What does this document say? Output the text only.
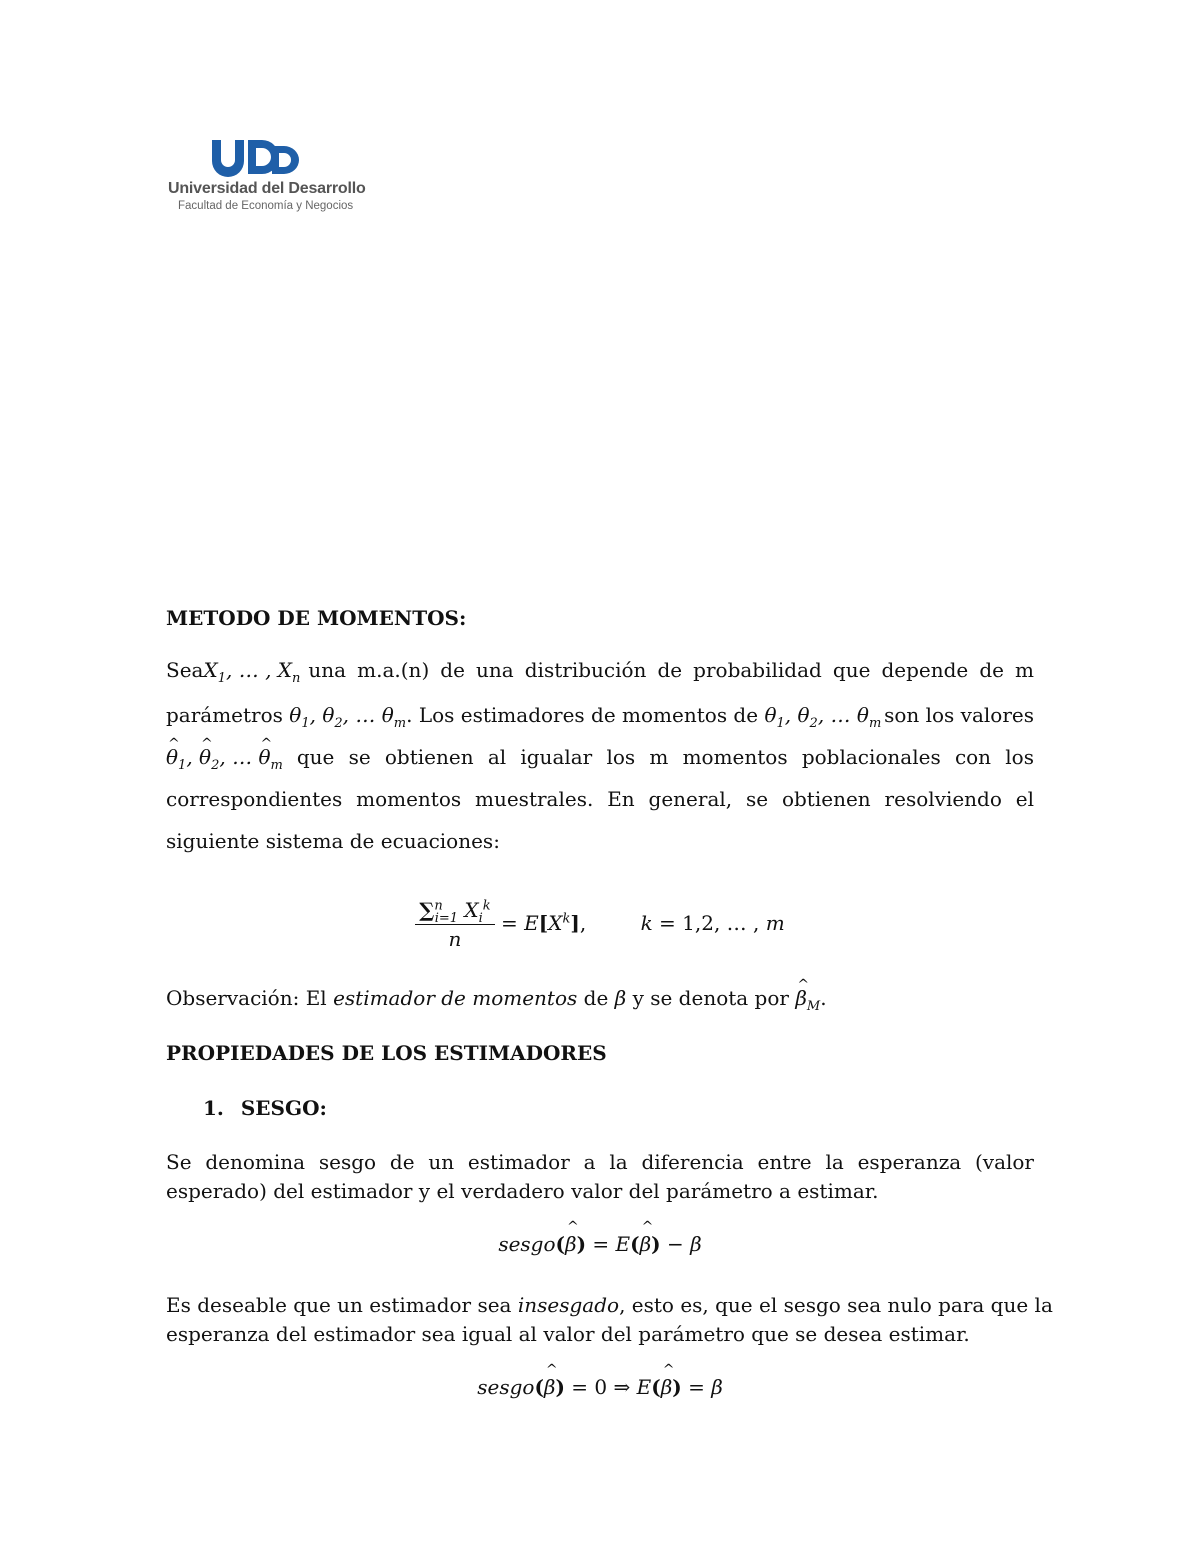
Universidad del Desarrollo
Facultad de Economía y Negocios
METODO DE MOMENTOS:
Sea $X_1$, … , $X_n$ una m.a.(n) de una distribución de probabilidad que depende de m
parámetros $\theta_1$, $\theta_2$, … $\theta_m$. Los estimadores de momentos de $\theta_1$, $\theta_2$, … $\theta_m$ son los valores
^ $\theta_1$, ^ $\theta_2$, … ^ $\theta_m$ que se obtienen al igualar los m momentos poblacionales con los
correspondientes momentos muestrales. En general, se obtienen resolviendo el
siguiente sistema de ecuaciones:
$\frac{\sum^n_{i=1} X_i^k}{n} = E[X^k]$, k = 1,2, … , m
Observación: El estimador de momentos de β y se denota por ^ $\beta_M$.
PROPIEDADES DE LOS ESTIMADORES
1. SESGO:
Se denomina sesgo de un estimador a la diferencia entre la esperanza (valor
esperado) del estimador y el verdadero valor del parámetro a estimar.
sesgo(^ β) = E(^ β) − β
Es deseable que un estimador sea insesgado, esto es, que el sesgo sea nulo para que la
esperanza del estimador sea igual al valor del parámetro que se desea estimar.
sesgo(^ β) = 0 ⇒ E(^ β) = β
